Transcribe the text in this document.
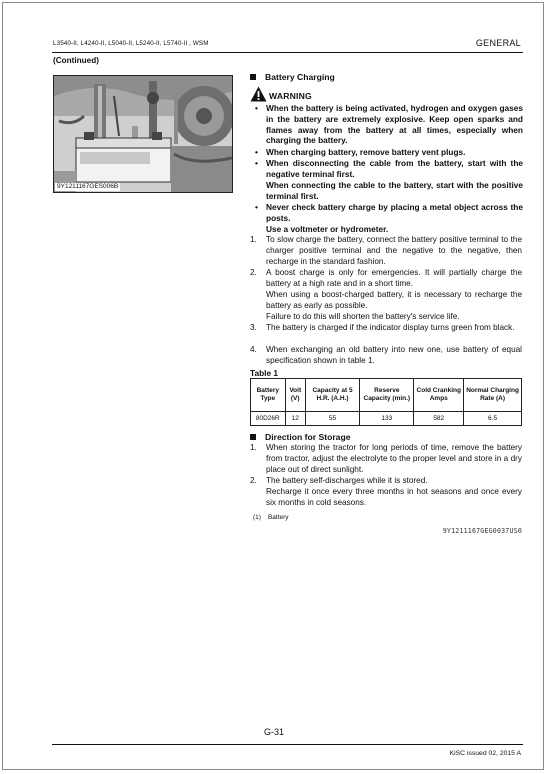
L3540-II, L4240-II, L5040-II, L5240-II, L5740-II , WSM	GENERAL
(Continued)
9Y1211167GES006B
Battery Charging
WARNING
• When the battery is being activated, hydrogen and oxygen gases in the battery are extremely explosive. Keep open sparks and flames away from the battery at all times, especially when charging the battery.
• When charging battery, remove battery vent plugs.
• When disconnecting the cable from the battery, start with the negative terminal first.
When connecting the cable to the battery, start with the positive terminal first.
• Never check battery charge by placing a metal object across the posts.
Use a voltmeter or hydrometer.
1. To slow charge the battery, connect the battery positive terminal to the charger positive terminal and the negative to the negative, then recharge in the standard fashion.
2. A boost charge is only for emergencies. It will partially charge the battery at a high rate and in a short time.
When using a boost-charged battery, it is necessary to recharge the battery as early as possible.
Failure to do this will shorten the battery's service life.
3. The battery is charged if the indicator display turns green from black.
4. When exchanging an old battery into new one, use battery of equal specification shown in table 1.
Table 1
Battery Type	Volt (V)	Capacity at 5 H.R. (A.H.)	Reserve Capacity (min.)	Cold Cranking Amps	Normal Charging Rate (A)
80D26R	12	55	133	582	6.5
Direction for Storage
1. When storing the tractor for long periods of time, remove the battery from tractor, adjust the electrolyte to the proper level and store in a dry place out of direct sunlight.
2. The battery self-discharges while it is stored.
Recharge it once every three months in hot seasons and once every six months in cold seasons.
(1) Battery
9Y1211167GEG0037US0
G-31
KiSC issued 02, 2015 A
